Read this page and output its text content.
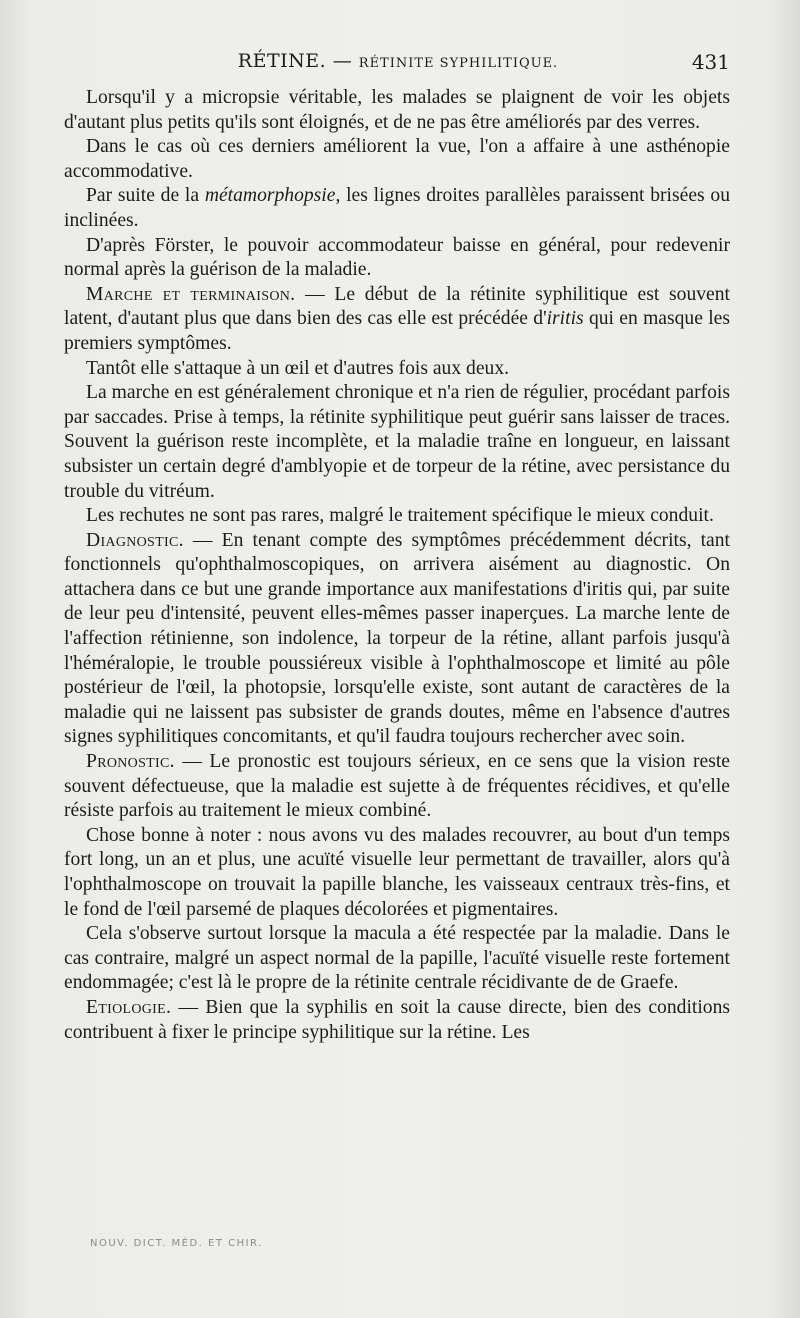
RÉTINE. — RÉTINITE SYPHILITIQUE.	431

Lorsqu'il y a micropsie véritable, les malades se plaignent de voir les objets d'autant plus petits qu'ils sont éloignés, et de ne pas être améliorés par des verres.

Dans le cas où ces derniers améliorent la vue, l'on a affaire à une asthénopie accommodative.

Par suite de la métamorphopsie, les lignes droites parallèles paraissent brisées ou inclinées.

D'après Förster, le pouvoir accommodateur baisse en général, pour redevenir normal après la guérison de la maladie.

Marche et terminaison. — Le début de la rétinite syphilitique est souvent latent, d'autant plus que dans bien des cas elle est précédée d'iritis qui en masque les premiers symptômes.

Tantôt elle s'attaque à un œil et d'autres fois aux deux.

La marche en est généralement chronique et n'a rien de régulier, procédant parfois par saccades. Prise à temps, la rétinite syphilitique peut guérir sans laisser de traces. Souvent la guérison reste incomplète, et la maladie traîne en longueur, en laissant subsister un certain degré d'amblyopie et de torpeur de la rétine, avec persistance du trouble du vitréum.

Les rechutes ne sont pas rares, malgré le traitement spécifique le mieux conduit.

Diagnostic. — En tenant compte des symptômes précédemment décrits, tant fonctionnels qu'ophthalmoscopiques, on arrivera aisément au diagnostic. On attachera dans ce but une grande importance aux manifestations d'iritis qui, par suite de leur peu d'intensité, peuvent elles-mêmes passer inaperçues. La marche lente de l'affection rétinienne, son indolence, la torpeur de la rétine, allant parfois jusqu'à l'héméralopie, le trouble poussiéreux visible à l'ophthalmoscope et limité au pôle postérieur de l'œil, la photopsie, lorsqu'elle existe, sont autant de caractères de la maladie qui ne laissent pas subsister de grands doutes, même en l'absence d'autres signes syphilitiques concomitants, et qu'il faudra toujours rechercher avec soin.

Pronostic. — Le pronostic est toujours sérieux, en ce sens que la vision reste souvent défectueuse, que la maladie est sujette à de fréquentes récidives, et qu'elle résiste parfois au traitement le mieux combiné.

Chose bonne à noter : nous avons vu des malades recouvrer, au bout d'un temps fort long, un an et plus, une acuïté visuelle leur permettant de travailler, alors qu'à l'ophthalmoscope on trouvait la papille blanche, les vaisseaux centraux très-fins, et le fond de l'œil parsemé de plaques décolorées et pigmentaires.

Cela s'observe surtout lorsque la macula a été respectée par la maladie. Dans le cas contraire, malgré un aspect normal de la papille, l'acuïté visuelle reste fortement endommagée; c'est là le propre de la rétinite centrale récidivante de de Graefe.

Etiologie. — Bien que la syphilis en soit la cause directe, bien des conditions contribuent à fixer le principe syphilitique sur la rétine. Les

NOUV. DICT. MÉD. ET CHIR.
